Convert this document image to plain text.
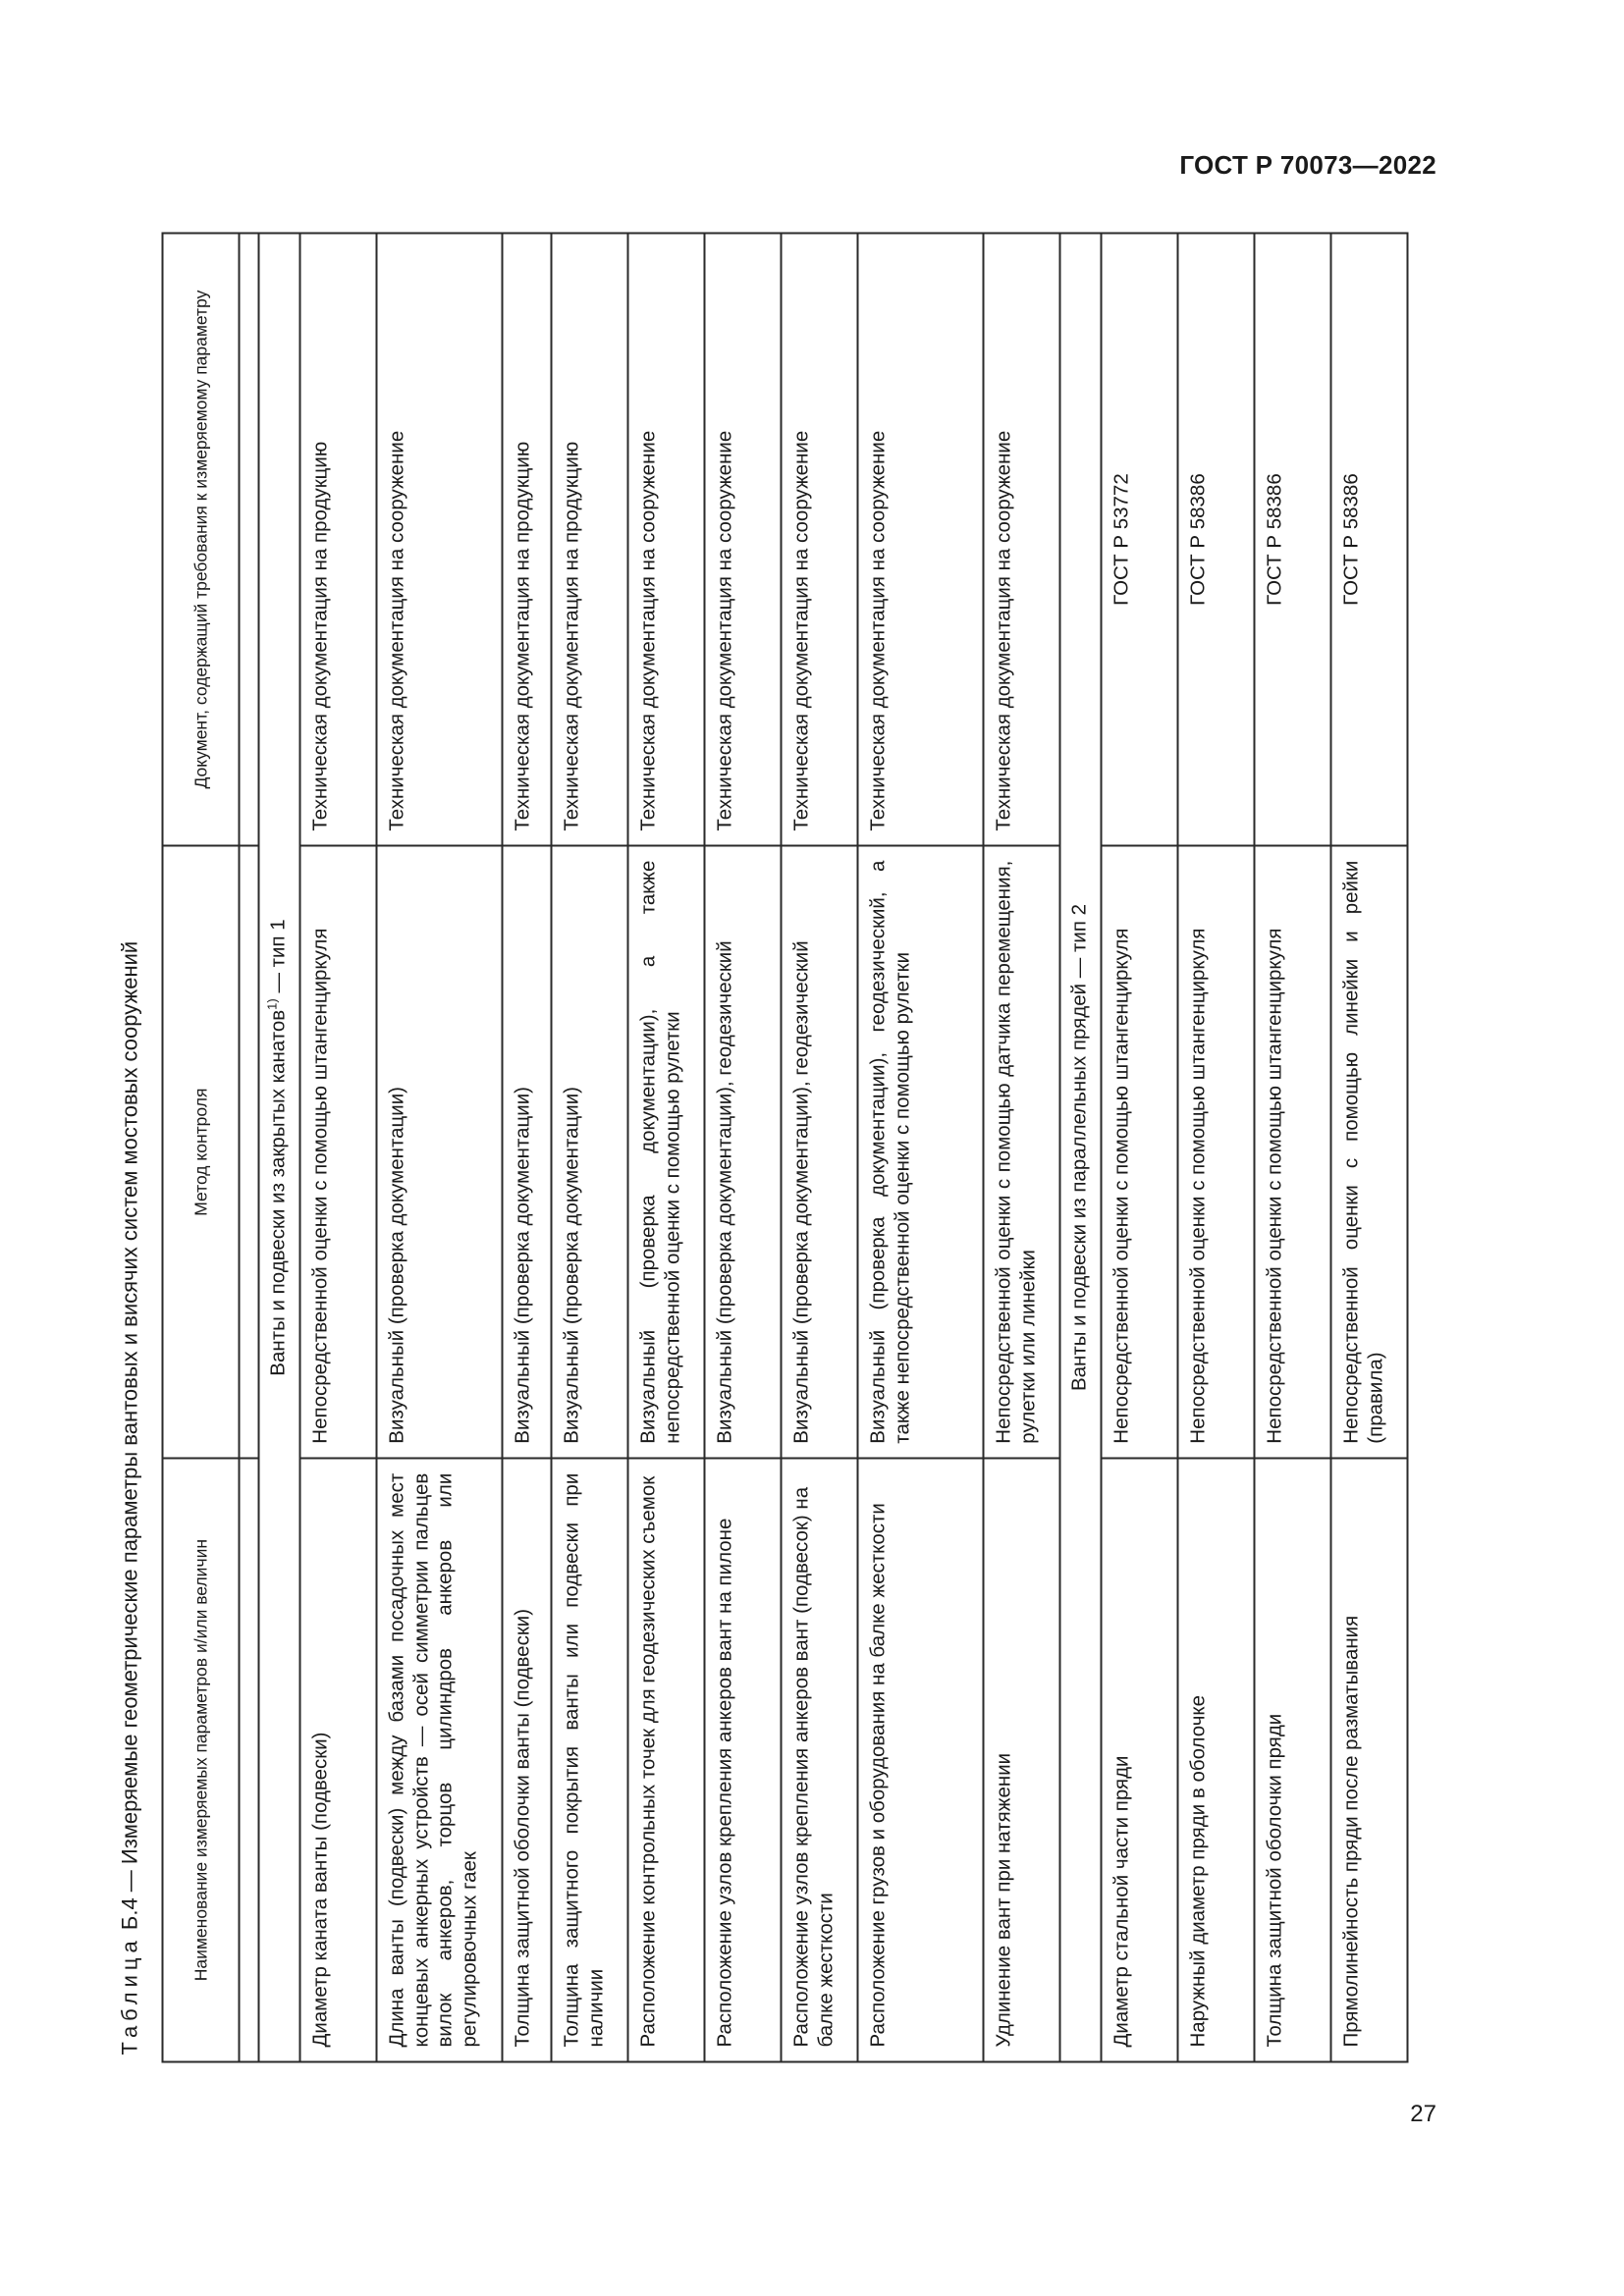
ГОСТ Р 70073—2022
Таблица Б.4 — Измеряемые геометрические параметры вантовых и висячих систем мостовых сооружений	Наименование измеряемых параметров и/или величин	Метод контроля	Документ, содержащий требования к измеряемому параметру

Ванты и подвески из закрытых канатов$^{1)}$ — тип 1		
Диаметр каната ванты (подвески)	Непосредственной оценки с помощью штангенциркуля	Техническая документация на продукцию
Длина ванты (подвески) между базами посадочных мест концевых анкерных устройств — осей симметрии пальцев вилок анкеров, торцов цилиндров анкеров или регулировочных гаек	Визуальный (проверка документации)	Техническая документация на сооружение
Толщина защитной оболочки ванты (подвески)	Визуальный (проверка документации)	Техническая документация на продукцию
Толщина защитного покрытия ванты или подвески при наличии	Визуальный (проверка документации)	Техническая документация на продукцию
Расположение контрольных точек для геодезических съемок	Визуальный (проверка документации), а также непосредственной оценки с помощью рулетки	Техническая документация на сооружение
Расположение узлов крепления анкеров вант на пилоне	Визуальный (проверка документации), геодезический	Техническая документация на сооружение
Расположение узлов крепления анкеров вант (подвесок) на балке жесткости	Визуальный (проверка документации), геодезический	Техническая документация на сооружение
Расположение грузов и оборудования на балке жесткости	Визуальный (проверка документации), геодезический, а также непосредственной оценки с помощью рулетки	Техническая документация на сооружение
Удлинение вант при натяжении	Непосредственной оценки с помощью датчика перемещения, рулетки или линейки	Техническая документация на сооружение
Ванты и подвески из параллельных прядей — тип 2		
Диаметр стальной части пряди	Непосредственной оценки с помощью штангенциркуля	ГОСТ Р 53772
Наружный диаметр пряди в оболочке	Непосредственной оценки с помощью штангенциркуля	ГОСТ Р 58386
Толщина защитной оболочки пряди	Непосредственной оценки с помощью штангенциркуля	ГОСТ Р 58386
Прямолинейность пряди после разматывания	Непосредственной оценки с помощью линейки и рейки (правила)	ГОСТ Р 58386
27
